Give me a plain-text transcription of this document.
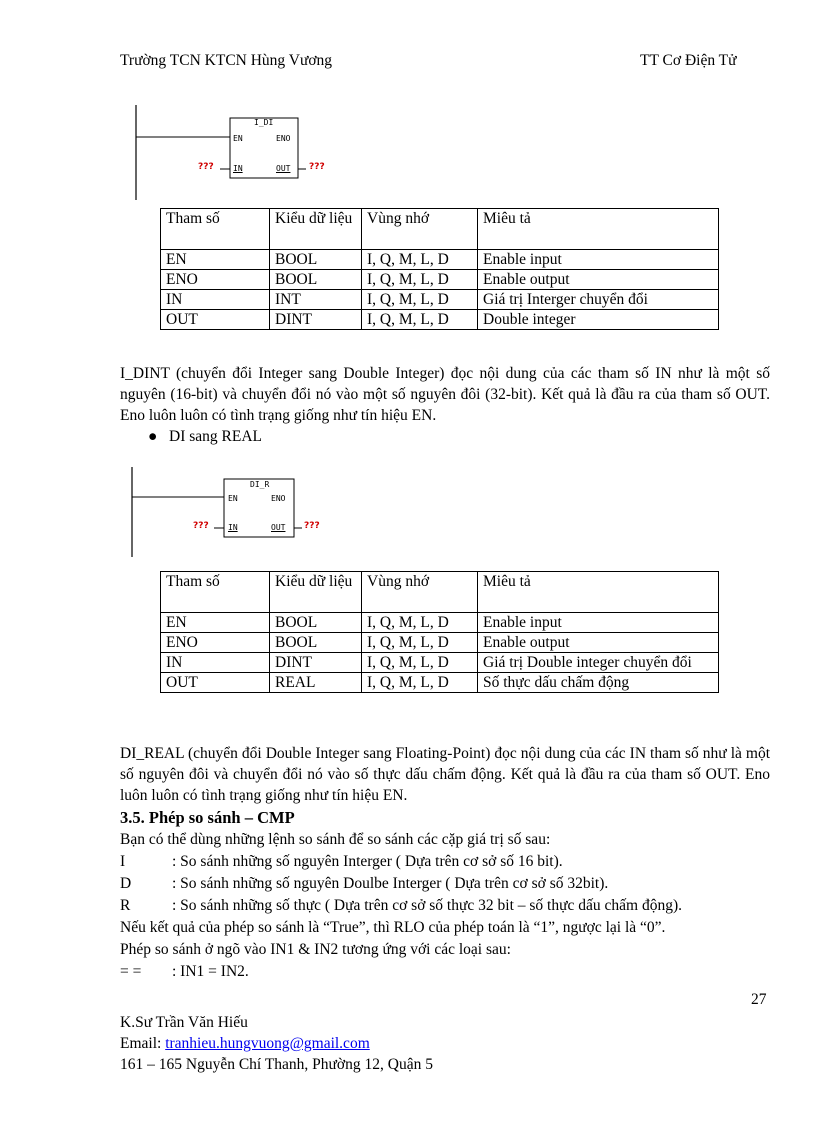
Trường TCN KTCN Hùng Vương	TT Cơ Điện Tử
I_DI
EN	ENO
IN	OUT
???	???
Tham số	Kiểu dữ liệu	Vùng nhớ	Miêu tả
EN	BOOL	I, Q, M, L, D	Enable input
ENO	BOOL	I, Q, M, L, D	Enable output
IN	INT	I, Q, M, L, D	Giá trị Interger chuyển đổi
OUT	DINT	I, Q, M, L, D	Double integer
I_DINT (chuyển đổi Integer sang Double Integer) đọc nội dung của các tham số IN như là một số nguyên (16-bit) và chuyển đổi nó vào một số nguyên đôi (32-bit). Kết quả là đầu ra của tham số OUT. Eno luôn luôn có tình trạng giống như tín hiệu EN.
● DI sang REAL
DI_R
EN	ENO
IN	OUT
???	???
Tham số	Kiểu dữ liệu	Vùng nhớ	Miêu tả
EN	BOOL	I, Q, M, L, D	Enable input
ENO	BOOL	I, Q, M, L, D	Enable output
IN	DINT	I, Q, M, L, D	Giá trị Double integer chuyển đổi
OUT	REAL	I, Q, M, L, D	Số thực dấu chấm động
DI_REAL (chuyển đổi Double Integer sang Floating-Point) đọc nội dung của các IN tham số như là một số nguyên đôi và chuyển đổi nó vào số thực dấu chấm động. Kết quả là đầu ra của tham số OUT. Eno luôn luôn có tình trạng giống như tín hiệu EN.
3.5. Phép so sánh – CMP
Bạn có thể dùng những lệnh so sánh để so sánh các cặp giá trị số sau:
I	: So sánh những số nguyên Interger ( Dựa trên cơ sở số 16 bit).
D	: So sánh những số nguyên Doulbe Interger ( Dựa trên cơ sở số 32bit).
R	: So sánh những số thực ( Dựa trên cơ sở số thực 32 bit – số thực dấu chấm động).
Nếu kết quả của phép so sánh là “True”, thì RLO của phép toán là “1”, ngược lại là “0”.
Phép so sánh ở ngõ vào IN1 & IN2 tương ứng với các loại sau:
= = : IN1 = IN2.
27
K.Sư Trần Văn Hiếu
Email: tranhieu.hungvuong@gmail.com
161 – 165 Nguyễn Chí Thanh, Phường 12, Quận 5
